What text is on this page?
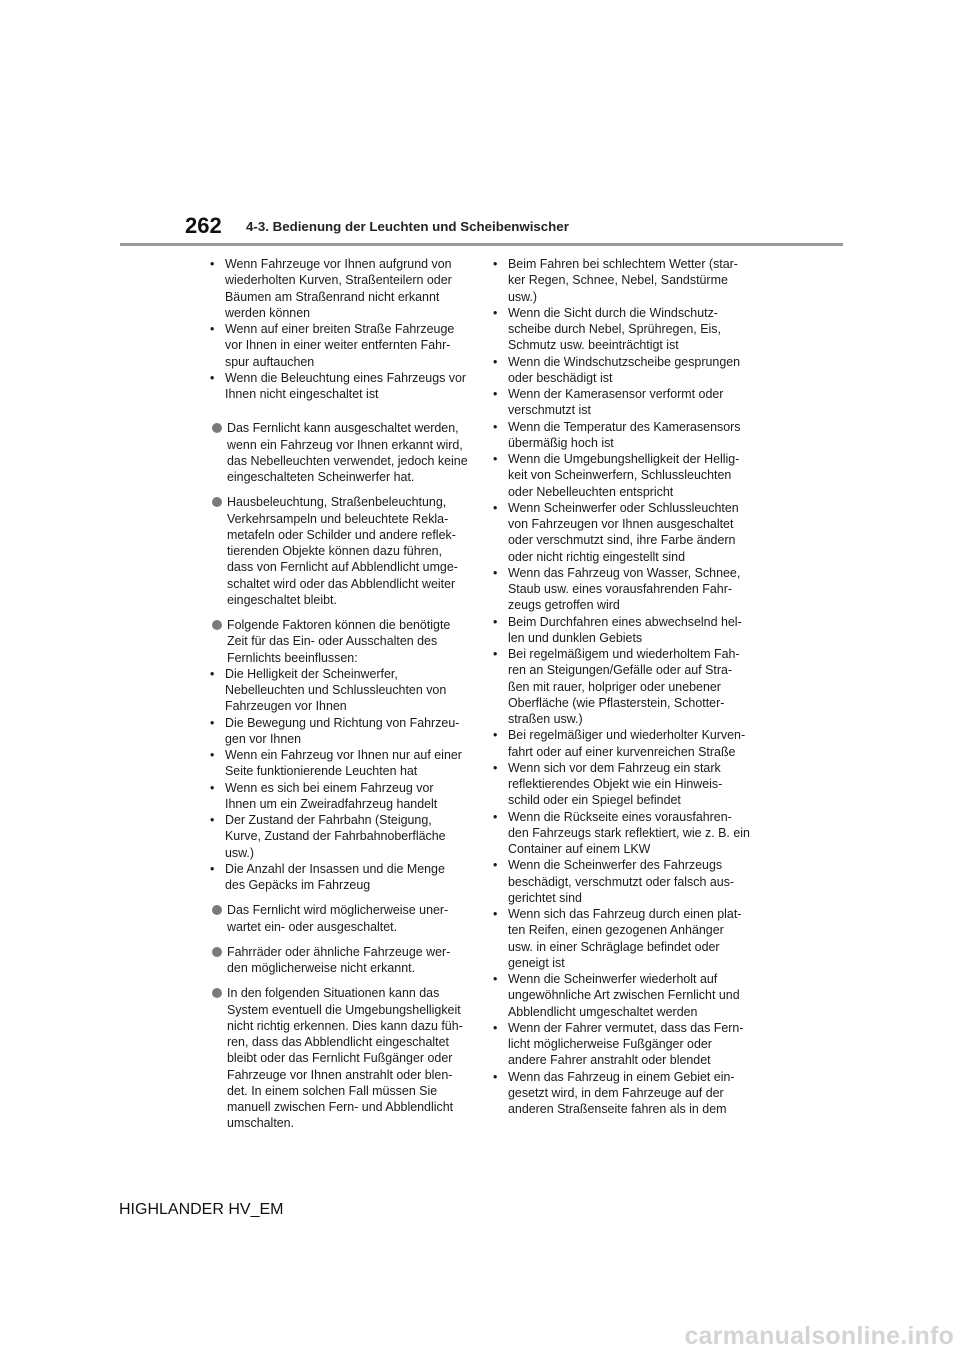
262 4-3. Bedienung der Leuchten und Scheibenwischer
• Wenn Fahrzeuge vor Ihnen aufgrund von wiederholten Kurven, Straßenteilern oder Bäumen am Straßenrand nicht erkannt werden können
• Wenn auf einer breiten Straße Fahrzeuge vor Ihnen in einer weiter entfernten Fahr-spur auftauchen
• Wenn die Beleuchtung eines Fahrzeugs vor Ihnen nicht eingeschaltet ist
Das Fernlicht kann ausgeschaltet werden, wenn ein Fahrzeug vor Ihnen erkannt wird, das Nebelleuchten verwendet, jedoch keine eingeschalteten Scheinwerfer hat.
Hausbeleuchtung, Straßenbeleuchtung, Verkehrsampeln und beleuchtete Rekla-metafeln oder Schilder und andere reflek-tierenden Objekte können dazu führen, dass von Fernlicht auf Abblendlicht umge-schaltet wird oder das Abblendlicht weiter eingeschaltet bleibt.
Folgende Faktoren können die benötigte Zeit für das Ein- oder Ausschalten des Fernlichts beeinflussen:
• Die Helligkeit der Scheinwerfer, Nebelleuchten und Schlussleuchten von Fahrzeugen vor Ihnen
• Die Bewegung und Richtung von Fahrzeu-gen vor Ihnen
• Wenn ein Fahrzeug vor Ihnen nur auf einer Seite funktionierende Leuchten hat
• Wenn es sich bei einem Fahrzeug vor Ihnen um ein Zweiradfahrzeug handelt
• Der Zustand der Fahrbahn (Steigung, Kurve, Zustand der Fahrbahnoberfläche usw.)
• Die Anzahl der Insassen und die Menge des Gepäcks im Fahrzeug
Das Fernlicht wird möglicherweise uner-wartet ein- oder ausgeschaltet.
Fahrräder oder ähnliche Fahrzeuge wer-den möglicherweise nicht erkannt.
In den folgenden Situationen kann das System eventuell die Umgebungshelligkeit nicht richtig erkennen. Dies kann dazu füh-ren, dass das Abblendlicht eingeschaltet bleibt oder das Fernlicht Fußgänger oder Fahrzeuge vor Ihnen anstrahlt oder blen-det. In einem solchen Fall müssen Sie manuell zwischen Fern- und Abblendlicht umschalten.
• Beim Fahren bei schlechtem Wetter (star-ker Regen, Schnee, Nebel, Sandstürme usw.)
• Wenn die Sicht durch die Windschutz-scheibe durch Nebel, Sprühregen, Eis, Schmutz usw. beeinträchtigt ist
• Wenn die Windschutzscheibe gesprungen oder beschädigt ist
• Wenn der Kamerasensor verformt oder verschmutzt ist
• Wenn die Temperatur des Kamerasensors übermäßig hoch ist
• Wenn die Umgebungshelligkeit der Hellig-keit von Scheinwerfern, Schlussleuchten oder Nebelleuchten entspricht
• Wenn Scheinwerfer oder Schlussleuchten von Fahrzeugen vor Ihnen ausgeschaltet oder verschmutzt sind, ihre Farbe ändern oder nicht richtig eingestellt sind
• Wenn das Fahrzeug von Wasser, Schnee, Staub usw. eines vorausfahrenden Fahr-zeugs getroffen wird
• Beim Durchfahren eines abwechselnd hel-len und dunklen Gebiets
• Bei regelmäßigem und wiederholtem Fah-ren an Steigungen/Gefälle oder auf Stra-ßen mit rauer, holpriger oder unebener Oberfläche (wie Pflasterstein, Schotter-straßen usw.)
• Bei regelmäßiger und wiederholter Kurven-fahrt oder auf einer kurvenreichen Straße
• Wenn sich vor dem Fahrzeug ein stark reflektierendes Objekt wie ein Hinweis-schild oder ein Spiegel befindet
• Wenn die Rückseite eines vorausfahren-den Fahrzeugs stark reflektiert, wie z. B. ein Container auf einem LKW
• Wenn die Scheinwerfer des Fahrzeugs beschädigt, verschmutzt oder falsch aus-gerichtet sind
• Wenn sich das Fahrzeug durch einen plat-ten Reifen, einen gezogenen Anhänger usw. in einer Schräglage befindet oder geneigt ist
• Wenn die Scheinwerfer wiederholt auf ungewöhnliche Art zwischen Fernlicht und Abblendlicht umgeschaltet werden
• Wenn der Fahrer vermutet, dass das Fern-licht möglicherweise Fußgänger oder andere Fahrer anstrahlt oder blendet
• Wenn das Fahrzeug in einem Gebiet ein-gesetzt wird, in dem Fahrzeuge auf der anderen Straßenseite fahren als in dem
HIGHLANDER HV_EM
carmanualsonline.info
